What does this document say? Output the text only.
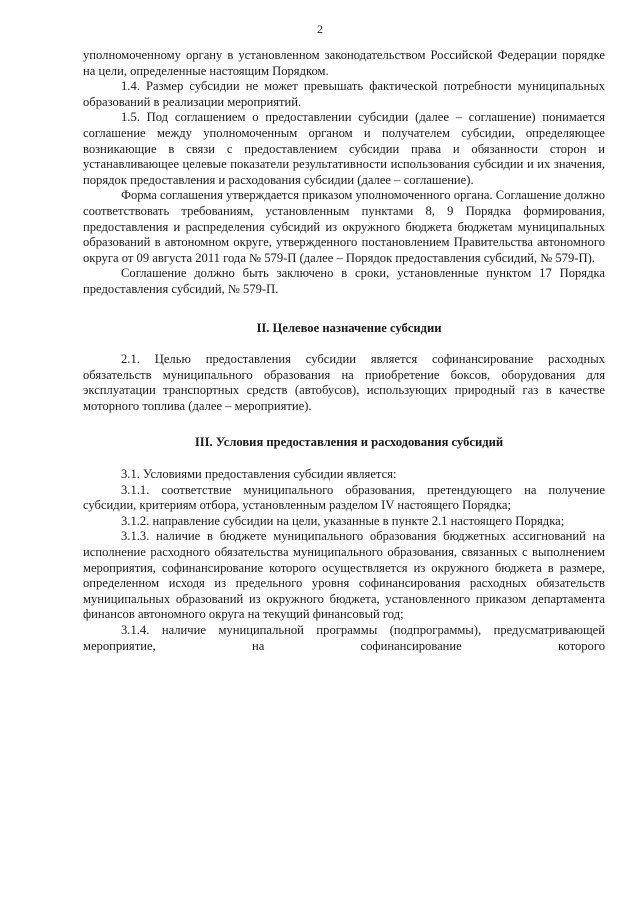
2

уполномоченному органу в установленном законодательством Российской Федерации порядке на цели, определенные настоящим Порядком.

1.4. Размер субсидии не может превышать фактической потребности муниципальных образований в реализации мероприятий.

1.5. Под соглашением о предоставлении субсидии (далее – соглашение) понимается соглашение между уполномоченным органом и получателем субсидии, определяющее возникающие в связи с предоставлением субсидии права и обязанности сторон и устанавливающее целевые показатели результативности использования субсидии и их значения, порядок предоставления и расходования субсидии (далее – соглашение).

Форма соглашения утверждается приказом уполномоченного органа. Соглашение должно соответствовать требованиям, установленным пунктами 8, 9 Порядка формирования, предоставления и распределения субсидий из окружного бюджета бюджетам муниципальных образований в автономном округе, утвержденного постановлением Правительства автономного округа от 09 августа 2011 года № 579-П (далее – Порядок предоставления субсидий, № 579-П).

Соглашение должно быть заключено в сроки, установленные пунктом 17 Порядка предоставления субсидий, № 579-П.

II. Целевое назначение субсидии

2.1. Целью предоставления субсидии является софинансирование расходных обязательств муниципального образования на приобретение боксов, оборудования для эксплуатации транспортных средств (автобусов), использующих природный газ в качестве моторного топлива (далее – мероприятие).

III. Условия предоставления и расходования субсидий

3.1. Условиями предоставления субсидии является:

3.1.1. соответствие муниципального образования, претендующего на получение субсидии, критериям отбора, установленным разделом IV настоящего Порядка;

3.1.2. направление субсидии на цели, указанные в пункте 2.1 настоящего Порядка;

3.1.3. наличие в бюджете муниципального образования бюджетных ассигнований на исполнение расходного обязательства муниципального образования, связанных с выполнением мероприятия, софинансирование которого осуществляется из окружного бюджета в размере, определенном исходя из предельного уровня софинансирования расходных обязательств муниципальных образований из окружного бюджета, установленного приказом департамента финансов автономного округа на текущий финансовый год;

3.1.4. наличие муниципальной программы (подпрограммы), предусматривающей мероприятие, на софинансирование которого
